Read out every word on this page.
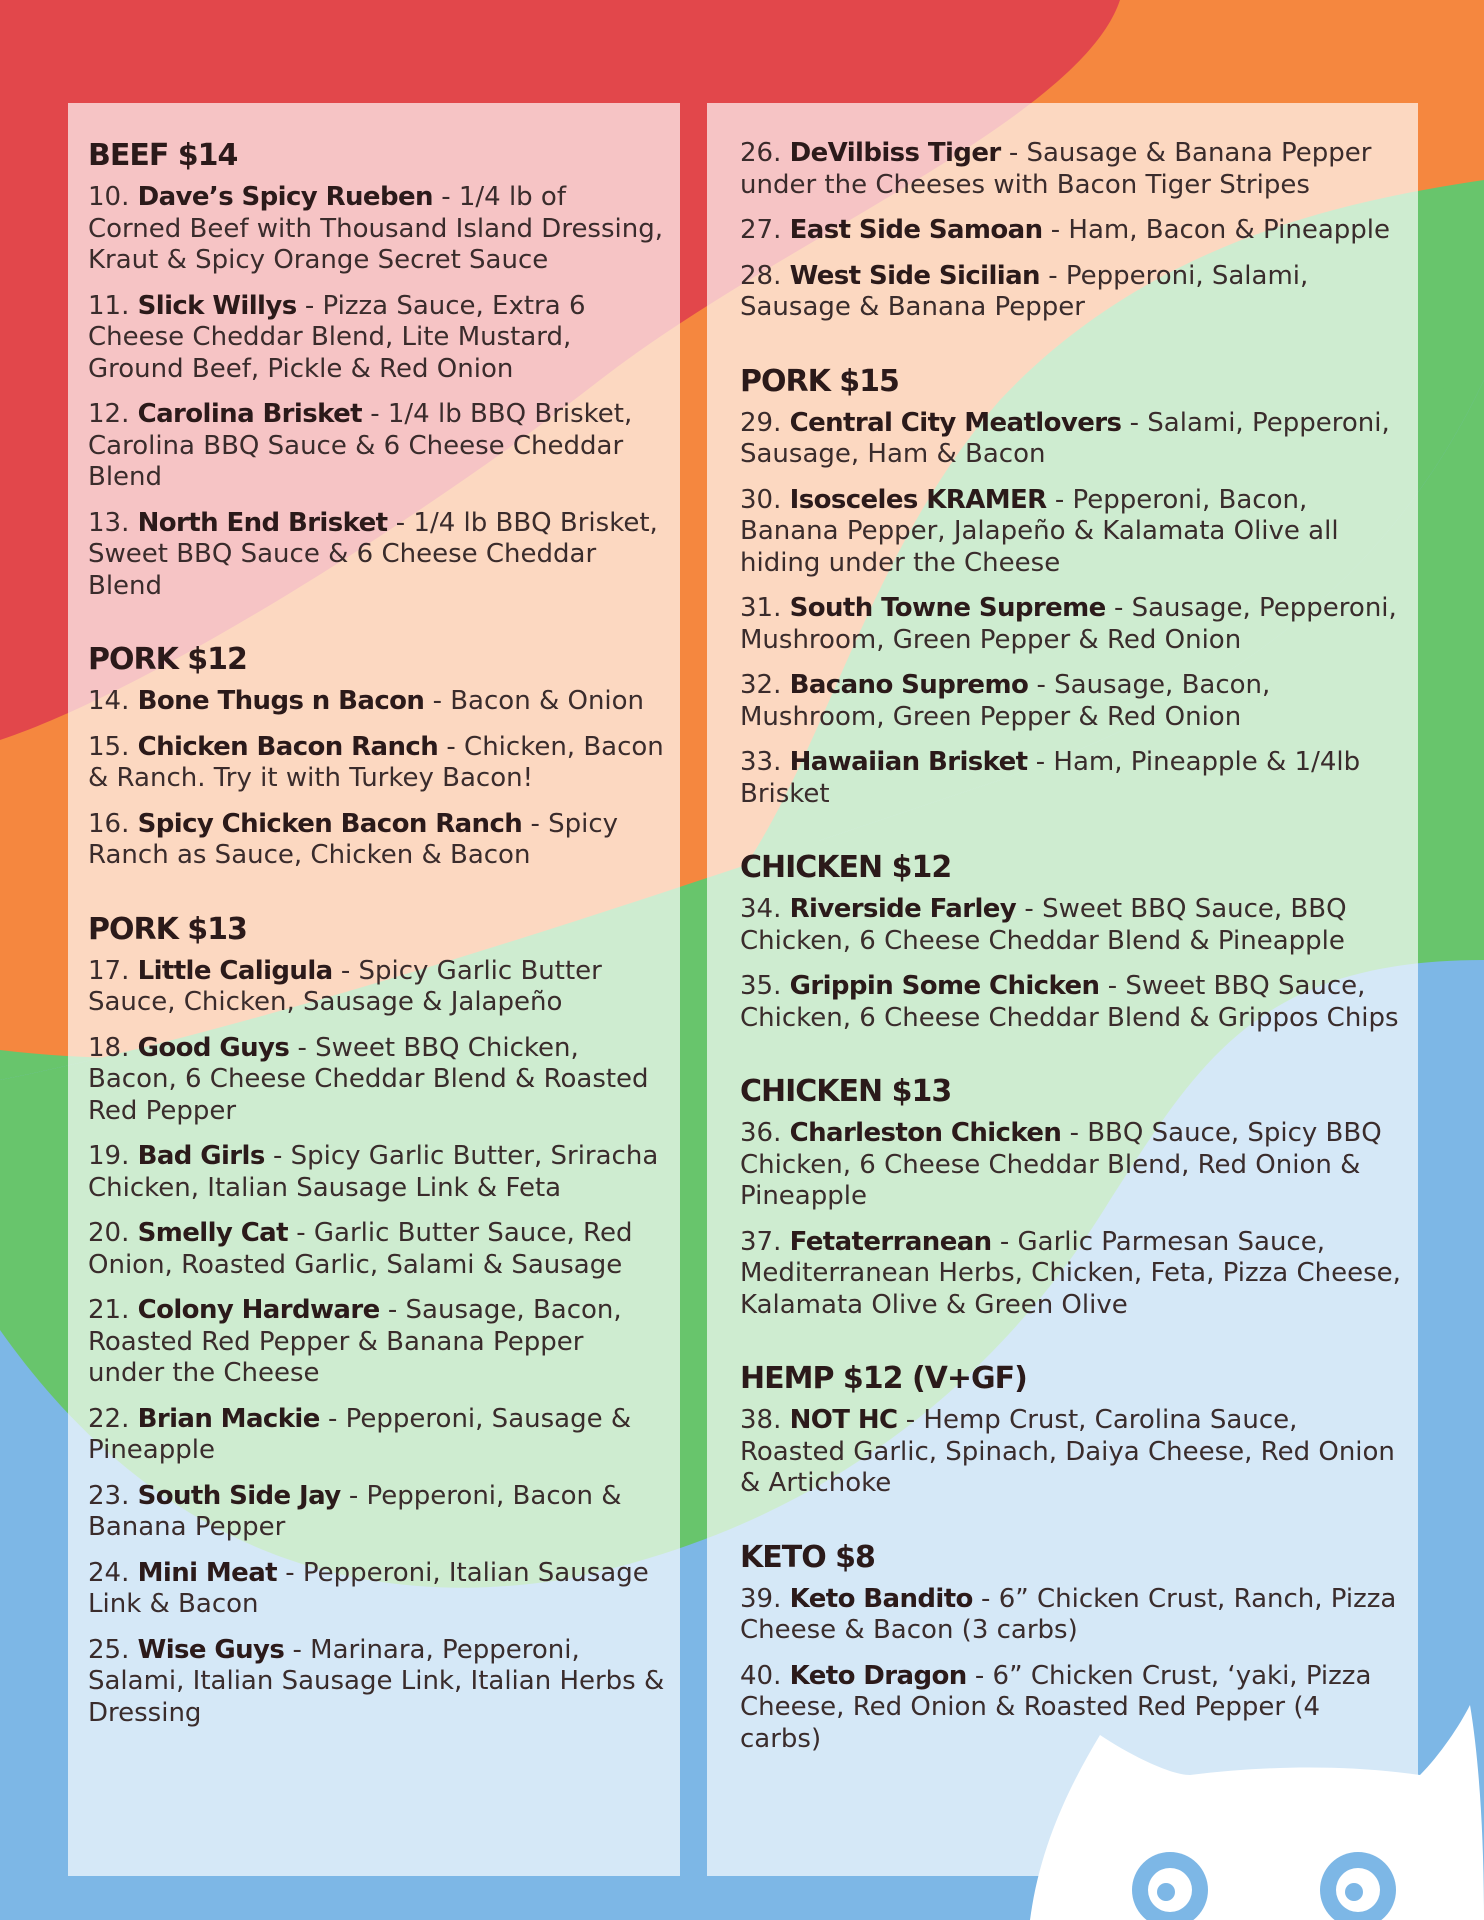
BEEF $14
10. Dave’s Spicy Rueben - 1/4 lb of Corned Beef with Thousand Island Dressing, Kraut & Spicy Orange Secret Sauce
11. Slick Willys - Pizza Sauce, Extra 6 Cheese Cheddar Blend, Lite Mustard, Ground Beef, Pickle & Red Onion
12. Carolina Brisket - 1/4 lb BBQ Brisket, Carolina BBQ Sauce & 6 Cheese Cheddar Blend
13. North End Brisket - 1/4 lb BBQ Brisket, Sweet BBQ Sauce & 6 Cheese Cheddar Blend
PORK $12
14. Bone Thugs n Bacon - Bacon & Onion
15. Chicken Bacon Ranch - Chicken, Bacon & Ranch. Try it with Turkey Bacon!
16. Spicy Chicken Bacon Ranch - Spicy Ranch as Sauce, Chicken & Bacon
PORK $13
17. Little Caligula - Spicy Garlic Butter Sauce, Chicken, Sausage & Jalapeño
18. Good Guys - Sweet BBQ Chicken, Bacon, 6 Cheese Cheddar Blend & Roasted Red Pepper
19. Bad Girls - Spicy Garlic Butter, Sriracha Chicken, Italian Sausage Link & Feta
20. Smelly Cat - Garlic Butter Sauce, Red Onion, Roasted Garlic, Salami & Sausage
21. Colony Hardware - Sausage, Bacon, Roasted Red Pepper & Banana Pepper under the Cheese
22. Brian Mackie - Pepperoni, Sausage & Pineapple
23. South Side Jay - Pepperoni, Bacon & Banana Pepper
24. Mini Meat - Pepperoni, Italian Sausage Link & Bacon
25. Wise Guys - Marinara, Pepperoni, Salami, Italian Sausage Link, Italian Herbs & Dressing
26. DeVilbiss Tiger - Sausage & Banana Pepper under the Cheeses with Bacon Tiger Stripes
27. East Side Samoan - Ham, Bacon & Pineapple
28. West Side Sicilian - Pepperoni, Salami, Sausage & Banana Pepper
PORK $15
29. Central City Meatlovers - Salami, Pepperoni, Sausage, Ham & Bacon
30. Isosceles KRAMER - Pepperoni, Bacon, Banana Pepper, Jalapeño & Kalamata Olive all hiding under the Cheese
31. South Towne Supreme - Sausage, Pepperoni, Mushroom, Green Pepper & Red Onion
32. Bacano Supremo - Sausage, Bacon, Mushroom, Green Pepper & Red Onion
33. Hawaiian Brisket - Ham, Pineapple & 1/4lb Brisket
CHICKEN $12
34. Riverside Farley - Sweet BBQ Sauce, BBQ Chicken, 6 Cheese Cheddar Blend & Pineapple
35. Grippin Some Chicken - Sweet BBQ Sauce, Chicken, 6 Cheese Cheddar Blend & Grippos Chips
CHICKEN $13
36. Charleston Chicken - BBQ Sauce, Spicy BBQ Chicken, 6 Cheese Cheddar Blend, Red Onion & Pineapple
37. Fetaterranean - Garlic Parmesan Sauce, Mediterranean Herbs, Chicken, Feta, Pizza Cheese, Kalamata Olive & Green Olive
HEMP $12 (V+GF)
38. NOT HC - Hemp Crust, Carolina Sauce, Roasted Garlic, Spinach, Daiya Cheese, Red Onion & Artichoke
KETO $8
39. Keto Bandito - 6” Chicken Crust, Ranch, Pizza Cheese & Bacon (3 carbs)
40. Keto Dragon - 6” Chicken Crust, ‘yaki, Pizza Cheese, Red Onion & Roasted Red Pepper (4 carbs)
